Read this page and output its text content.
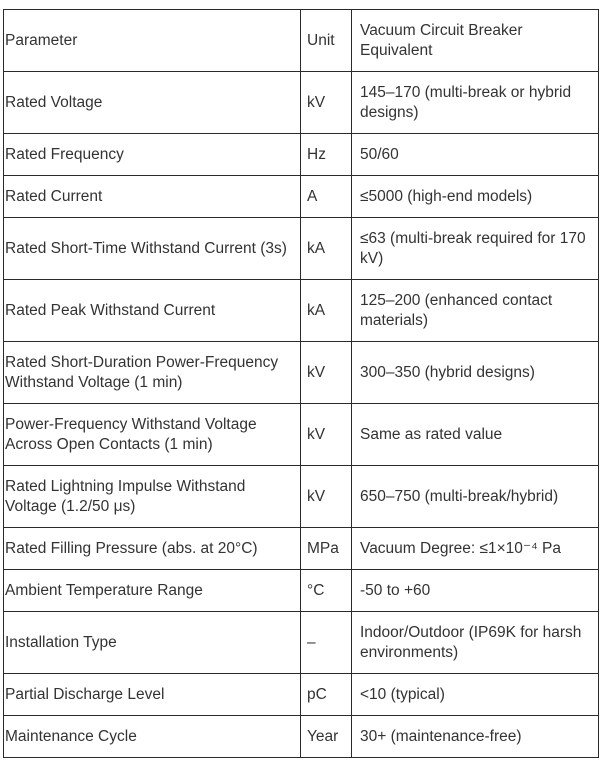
Parameter	Unit	Vacuum Circuit Breaker Equivalent
Rated Voltage	kV	145–170 (multi-break or hybrid designs)
Rated Frequency	Hz	50/60
Rated Current	A	≤5000 (high-end models)
Rated Short-Time Withstand Current (3s)	kA	≤63 (multi-break required for 170 kV)
Rated Peak Withstand Current	kA	125–200 (enhanced contact materials)
Rated Short-Duration Power-Frequency Withstand Voltage (1 min)	kV	300–350 (hybrid designs)
Power-Frequency Withstand Voltage Across Open Contacts (1 min)	kV	Same as rated value
Rated Lightning Impulse Withstand Voltage (1.2/50 μs)	kV	650–750 (multi-break/hybrid)
Rated Filling Pressure (abs. at 20°C)	MPa	Vacuum Degree: ≤1×10⁻⁴ Pa
Ambient Temperature Range	°C	-50 to +60
Installation Type	–	Indoor/Outdoor (IP69K for harsh environments)
Partial Discharge Level	pC	<10 (typical)
Maintenance Cycle	Year	30+ (maintenance-free)
